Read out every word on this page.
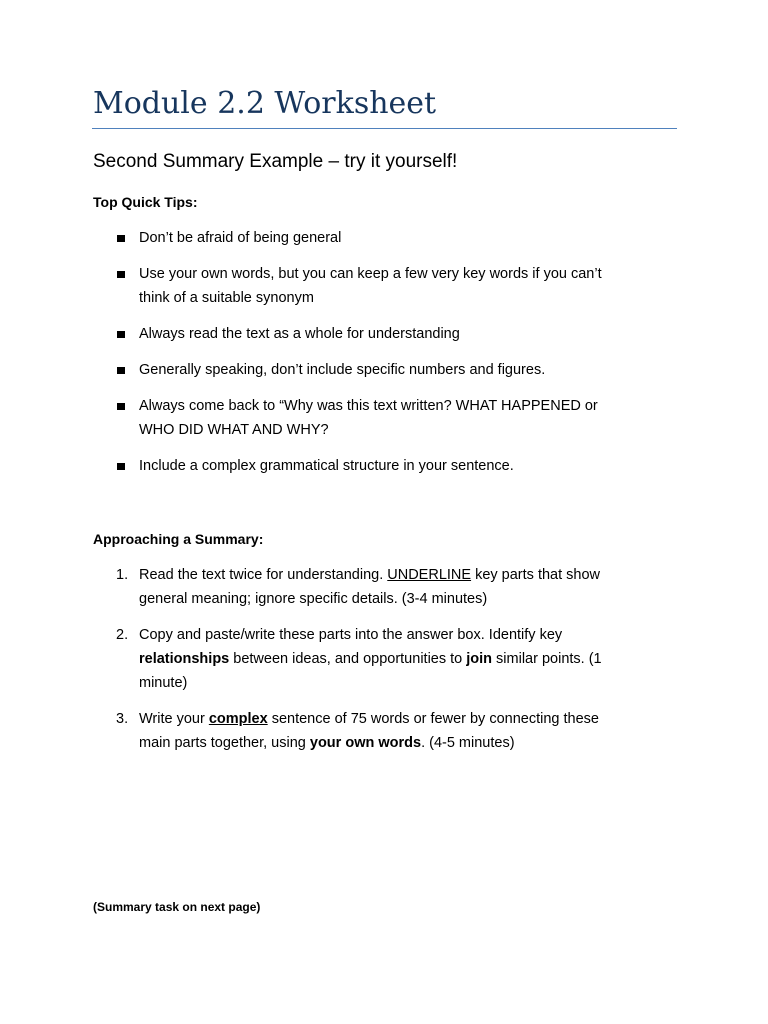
Module 2.2 Worksheet
Second Summary Example – try it yourself!
Top Quick Tips:
Don’t be afraid of being general
Use your own words, but you can keep a few very key words if you can’t
think of a suitable synonym
Always read the text as a whole for understanding
Generally speaking, don’t include specific numbers and figures.
Always come back to “Why was this text written? WHAT HAPPENED or
WHO DID WHAT AND WHY?
Include a complex grammatical structure in your sentence.
Approaching a Summary:
1. Read the text twice for understanding. UNDERLINE key parts that show
general meaning; ignore specific details. (3-4 minutes)
2. Copy and paste/write these parts into the answer box. Identify key
relationships between ideas, and opportunities to join similar points. (1
minute)
3. Write your complex sentence of 75 words or fewer by connecting these
main parts together, using your own words. (4-5 minutes)

(Summary task on next page)
